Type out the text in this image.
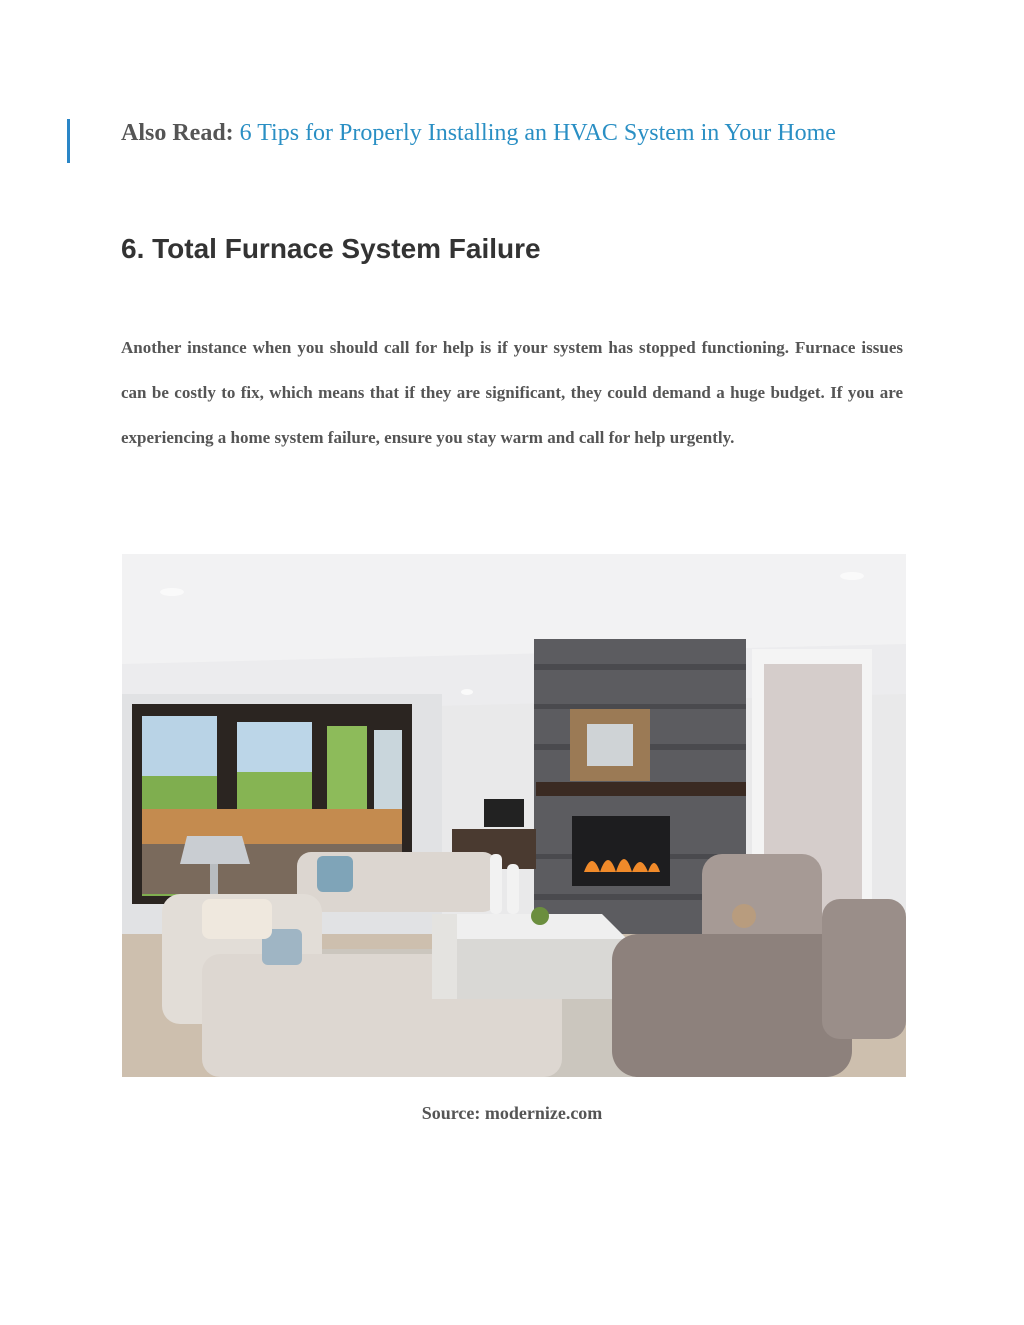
Also Read: 6 Tips for Properly Installing an HVAC System in Your Home
6. Total Furnace System Failure

Another instance when you should call for help is if your system has stopped functioning. Furnace issues can be costly to fix, which means that if they are significant, they could demand a huge budget. If you are experiencing a home system failure, ensure you stay warm and call for help urgently.

Source: modernize.com
